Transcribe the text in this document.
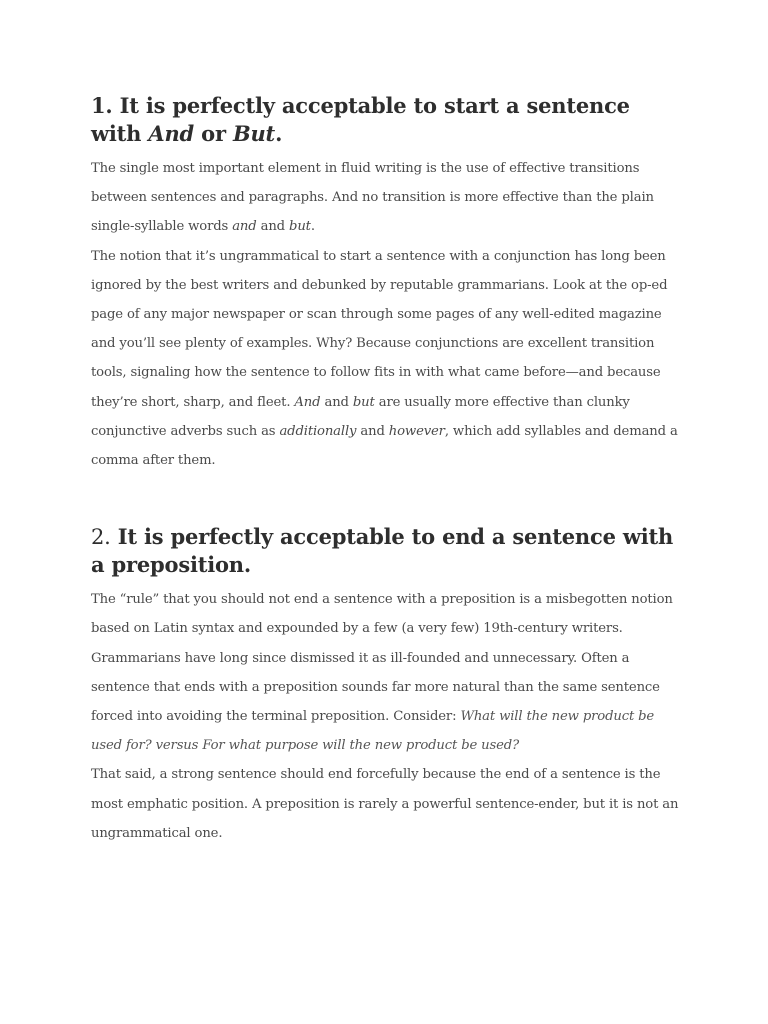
1. It is perfectly acceptable to start a sentence
with And or But.

The single most important element in fluid writing is the use of effective transitions between sentences and paragraphs. And no transition is more effective than the plain single-syllable words and and but.

The notion that it’s ungrammatical to start a sentence with a conjunction has long been ignored by the best writers and debunked by reputable grammarians. Look at the op-ed page of any major newspaper or scan through some pages of any well-edited magazine and you’ll see plenty of examples. Why? Because conjunctions are excellent transition tools, signaling how the sentence to follow fits in with what came before—and because they’re short, sharp, and fleet. And and but are usually more effective than clunky conjunctive adverbs such as additionally and however, which add syllables and demand a comma after them.

2. It is perfectly acceptable to end a sentence with a preposition.

The “rule” that you should not end a sentence with a preposition is a misbegotten notion based on Latin syntax and expounded by a few (a very few) 19th-century writers. Grammarians have long since dismissed it as ill-founded and unnecessary. Often a sentence that ends with a preposition sounds far more natural than the same sentence forced into avoiding the terminal preposition. Consider: What will the new product be used for? versus For what purpose will the new product be used?

That said, a strong sentence should end forcefully because the end of a sentence is the most emphatic position. A preposition is rarely a powerful sentence-ender, but it is not an ungrammatical one.
